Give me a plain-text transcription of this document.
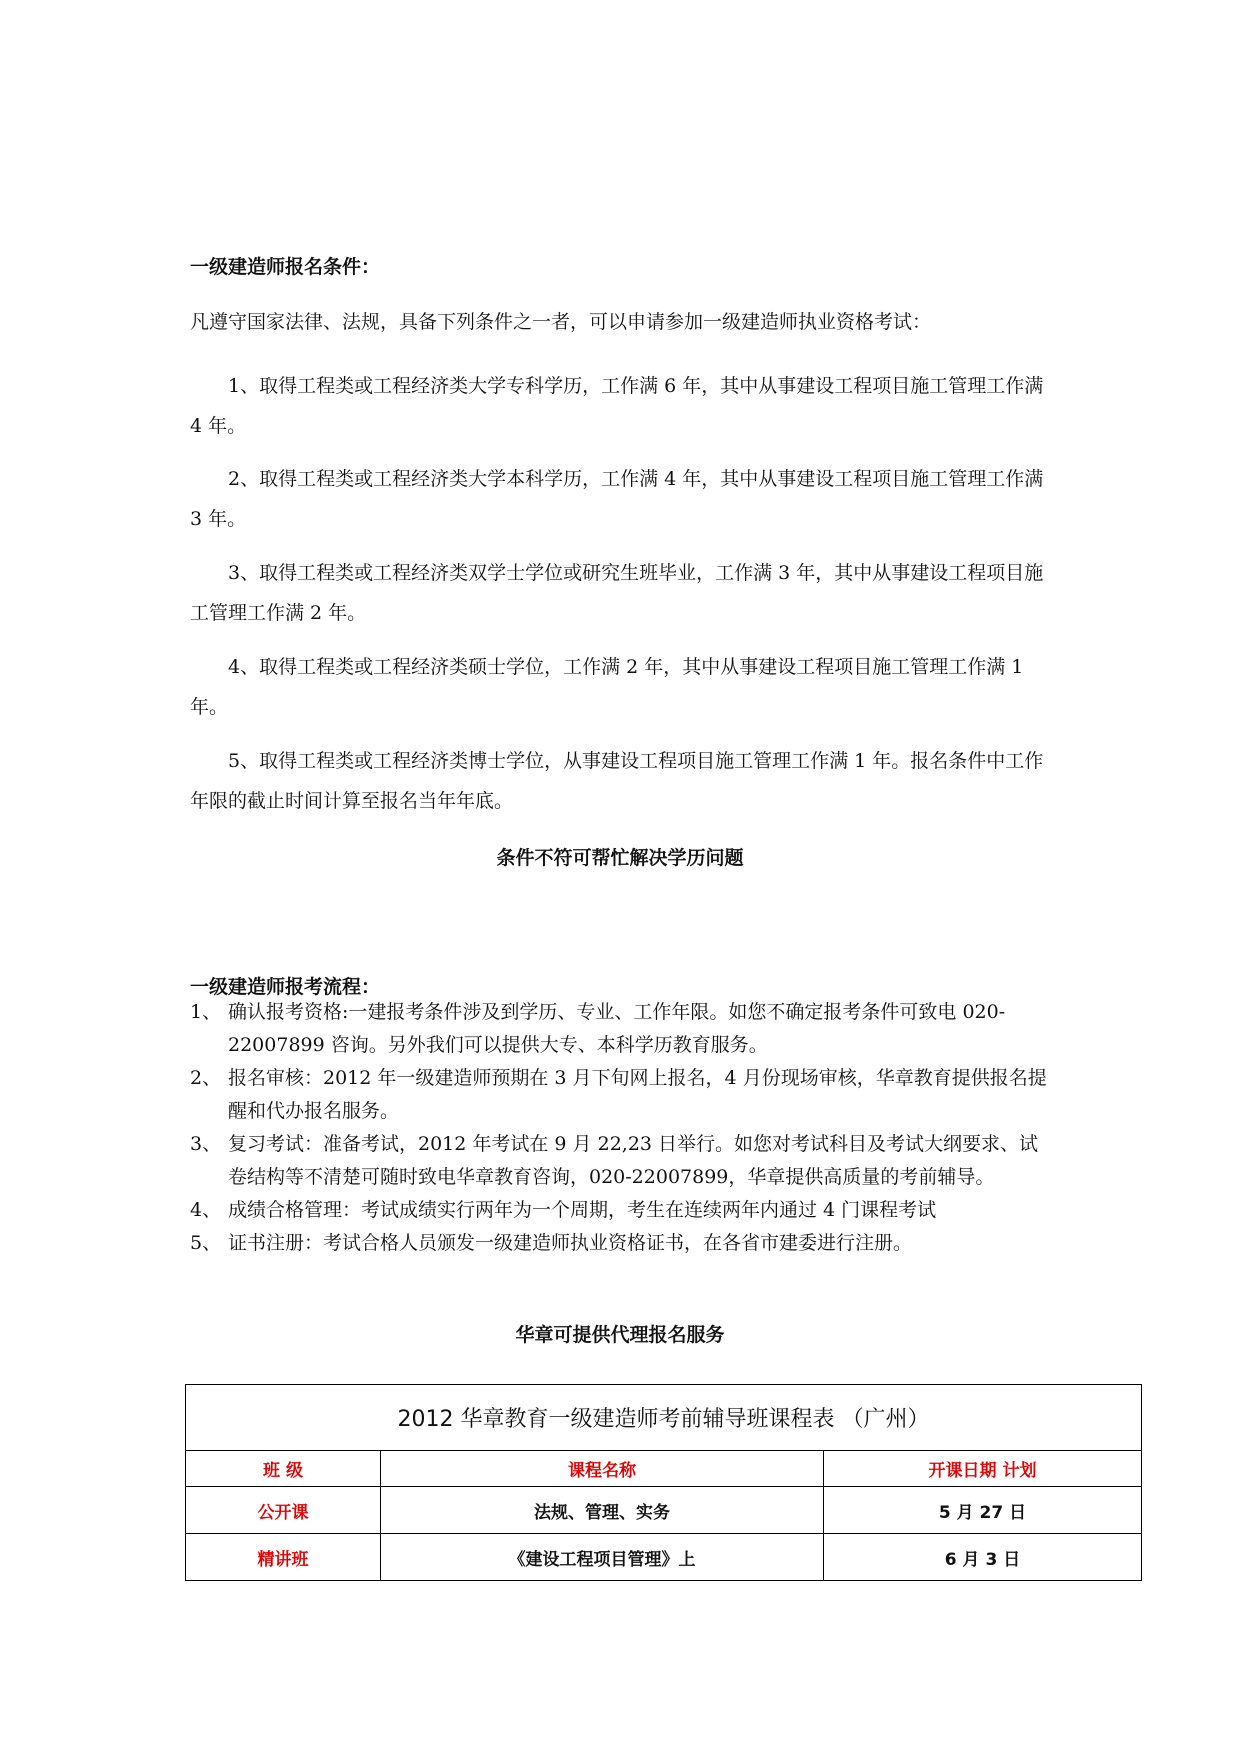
一级建造师报名条件：
凡遵守国家法律、法规，具备下列条件之一者，可以申请参加一级建造师执业资格考试：

1、取得工程类或工程经济类大学专科学历，工作满 6 年，其中从事建设工程项目施工管理工作满 4 年。

2、取得工程类或工程经济类大学本科学历，工作满 4 年，其中从事建设工程项目施工管理工作满 3 年。

3、取得工程类或工程经济类双学士学位或研究生班毕业，工作满 3 年，其中从事建设工程项目施工管理工作满 2 年。

4、取得工程类或工程经济类硕士学位，工作满 2 年，其中从事建设工程项目施工管理工作满 1 年。

5、取得工程类或工程经济类博士学位，从事建设工程项目施工管理工作满 1 年。报名条件中工作年限的截止时间计算至报名当年年底。

条件不符可帮忙解决学历问题
一级建造师报考流程：
1、 确认报考资格:一建报考条件涉及到学历、专业、工作年限。如您不确定报考条件可致电 020-22007899 咨询。另外我们可以提供大专、本科学历教育服务。
2、 报名审核：2012 年一级建造师预期在 3 月下旬网上报名，4 月份现场审核，华章教育提供报名提醒和代办报名服务。
3、 复习考试：准备考试，2012 年考试在 9 月 22,23 日举行。如您对考试科目及考试大纲要求、试卷结构等不清楚可随时致电华章教育咨询，020-22007899，华章提供高质量的考前辅导。
4、 成绩合格管理：考试成绩实行两年为一个周期，考生在连续两年内通过 4 门课程考试
5、 证书注册：考试合格人员颁发一级建造师执业资格证书，在各省市建委进行注册。
华章可提供代理报名服务
2012 华章教育一级建造师考前辅导班课程表 （广州）		
班 级	课程名称	开课日期 计划
公开课	法规、管理、实务	5 月 27 日
精讲班	《建设工程项目管理》上	6 月 3 日
